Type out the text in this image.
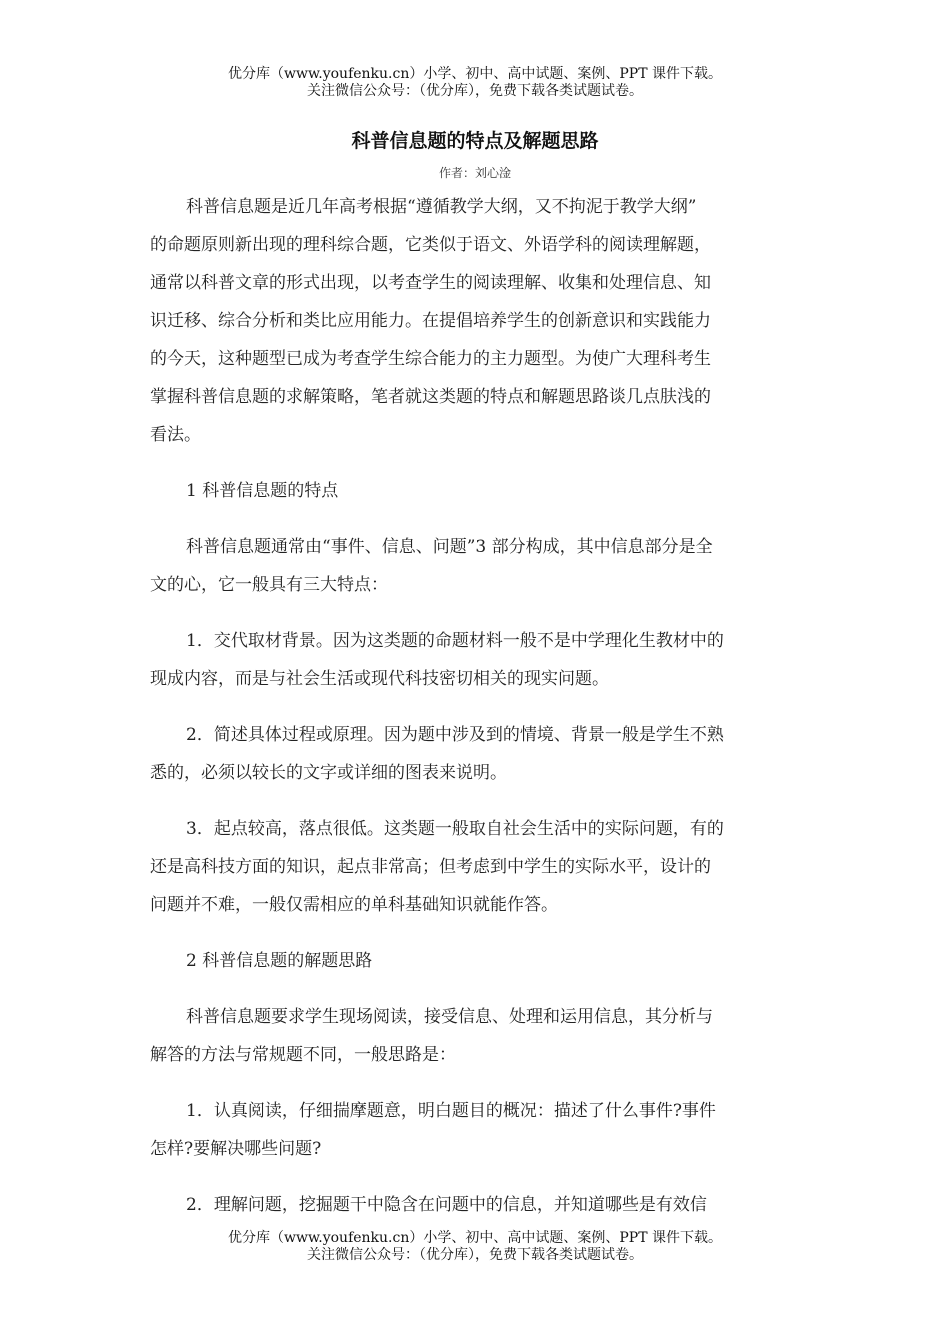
优分库（www.youfenku.cn）小学、初中、高中试题、案例、PPT 课件下载。
关注微信公众号：（优分库），免费下载各类试题试卷。
科普信息题的特点及解题思路
作者：刘心淦
科普信息题是近几年高考根据“遵循教学大纲，又不拘泥于教学大纲”
的命题原则新出现的理科综合题，它类似于语文、外语学科的阅读理解题，
通常以科普文章的形式出现，以考查学生的阅读理解、收集和处理信息、知
识迁移、综合分析和类比应用能力。在提倡培养学生的创新意识和实践能力
的今天，这种题型已成为考查学生综合能力的主力题型。为使广大理科考生
掌握科普信息题的求解策略，笔者就这类题的特点和解题思路谈几点肤浅的
看法。
1 科普信息题的特点
科普信息题通常由“事件、信息、问题”3 部分构成，其中信息部分是全
文的心，它一般具有三大特点：
1．交代取材背景。因为这类题的命题材料一般不是中学理化生教材中的
现成内容，而是与社会生活或现代科技密切相关的现实问题。
2．简述具体过程或原理。因为题中涉及到的情境、背景一般是学生不熟
悉的，必须以较长的文字或详细的图表来说明。
3．起点较高，落点很低。这类题一般取自社会生活中的实际问题，有的
还是高科技方面的知识，起点非常高；但考虑到中学生的实际水平，设计的
问题并不难，一般仅需相应的单科基础知识就能作答。
2 科普信息题的解题思路
科普信息题要求学生现场阅读，接受信息、处理和运用信息，其分析与
解答的方法与常规题不同，一般思路是：
1．认真阅读，仔细揣摩题意，明白题目的概况：描述了什么事件?事件
怎样?要解决哪些问题?
2．理解问题，挖掘题干中隐含在问题中的信息，并知道哪些是有效信
优分库（www.youfenku.cn）小学、初中、高中试题、案例、PPT 课件下载。
关注微信公众号：（优分库），免费下载各类试题试卷。
